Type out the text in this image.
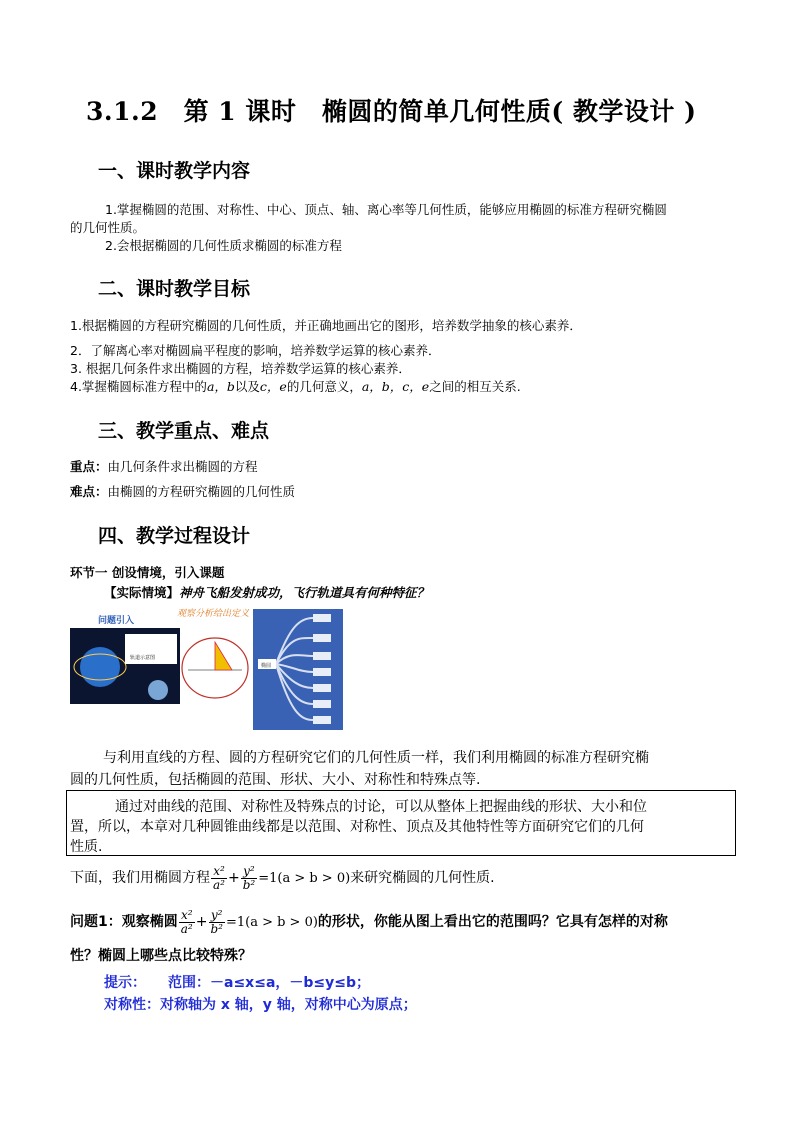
3.1.2　第 1 课时　椭圆的简单几何性质( 教学设计 )
一、课时教学内容
1.掌握椭圆的范围、对称性、中心、顶点、轴、离心率等几何性质，能够应用椭圆的标准方程研究椭圆
的几何性质。
2.会根据椭圆的几何性质求椭圆的标准方程
二、课时教学目标
1.根据椭圆的方程研究椭圆的几何性质，并正确地画出它的图形，培养数学抽象的核心素养．
2．了解离心率对椭圆扁平程度的影响，培养数学运算的核心素养．
3. 根据几何条件求出椭圆的方程，培养数学运算的核心素养．
4.掌握椭圆标准方程中的a，b以及c，e的几何意义，a，b，c，e之间的相互关系.
三、教学重点、难点
重点：由几何条件求出椭圆的方程
难点：由椭圆的方程研究椭圆的几何性质
四、教学过程设计
环节一 创设情境，引入课题
【实际情境】神舟飞船发射成功，飞行轨道具有何种特征？
问题引入
轨道示意图
观察分析给出定义
椭圆
与利用直线的方程、圆的方程研究它们的几何性质一样，我们利用椭圆的标准方程研究椭
圆的几何性质，包括椭圆的范围、形状、大小、对称性和特殊点等.
通过对曲线的范围、对称性及特殊点的讨论，可以从整体上把握曲线的形状、大小和位
置，所以，本章对几种圆锥曲线都是以范围、对称性、顶点及其他特性等方面研究它们的几何
性质.
下面，我们用椭圆方程 $\frac{\text{x²}}{\text{a²}} + \frac{\text{y²}}{\text{b²}} =1(a > b > 0)$来研究椭圆的几何性质.
问题1：观察椭圆 $\frac{\text{x²}}{\text{a²}} + \frac{\text{y²}}{\text{b²}} =1(a > b > 0)$的形状，你能从图上看出它的范围吗？它具有怎样的对称
性？椭圆上哪些点比较特殊？
提示： 范围：－a≤x≤a，－b≤y≤b；
对称性：对称轴为 x 轴，y 轴，对称中心为原点；
